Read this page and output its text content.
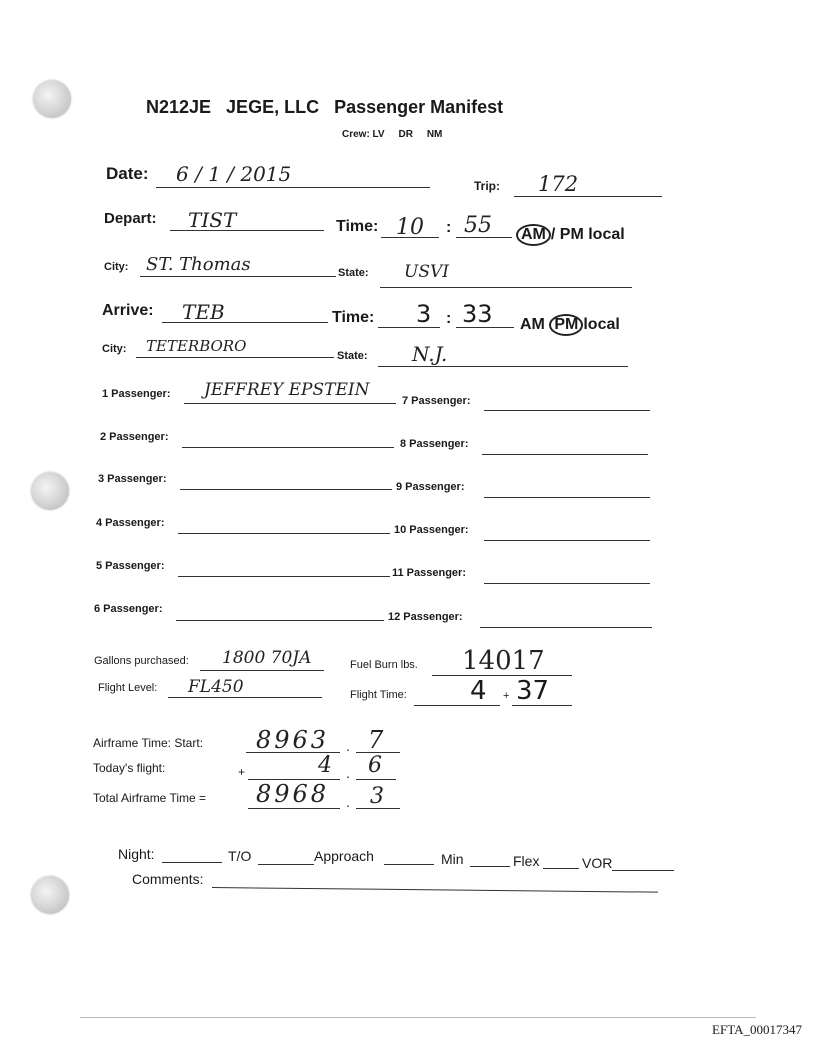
N212JE   JEGE, LLC   Passenger Manifest
Crew: LV     DR     NM
Date: 6 / 1 / 2015	Trip: 172
Depart: TIST	Time: 10 : 55	AM / PM local
City: ST. Thomas	State: USVI
Arrive: TEB	Time: 3 : 33 AM PM local
City: TETERBORO
State: N.J.
1 Passenger: JEFFREY EPSTEIN
2 Passenger:
3 Passenger:
4 Passenger:
5 Passenger:
6 Passenger:
7 Passenger:
8 Passenger:
9 Passenger:
10 Passenger:
11 Passenger:
12 Passenger:
Gallons purchased: 1800 70JA	Fuel Burn lbs. 14017
Flight Level: FL450	Flight Time: 4 + 37
Airframe Time: Start: 8963 . 7
Today's flight:	+	4 . 6
Total Airframe Time = 8968 . 3
Night:	T/O	Approach	Min	Flex	VOR
Comments:
EFTA_00017347
